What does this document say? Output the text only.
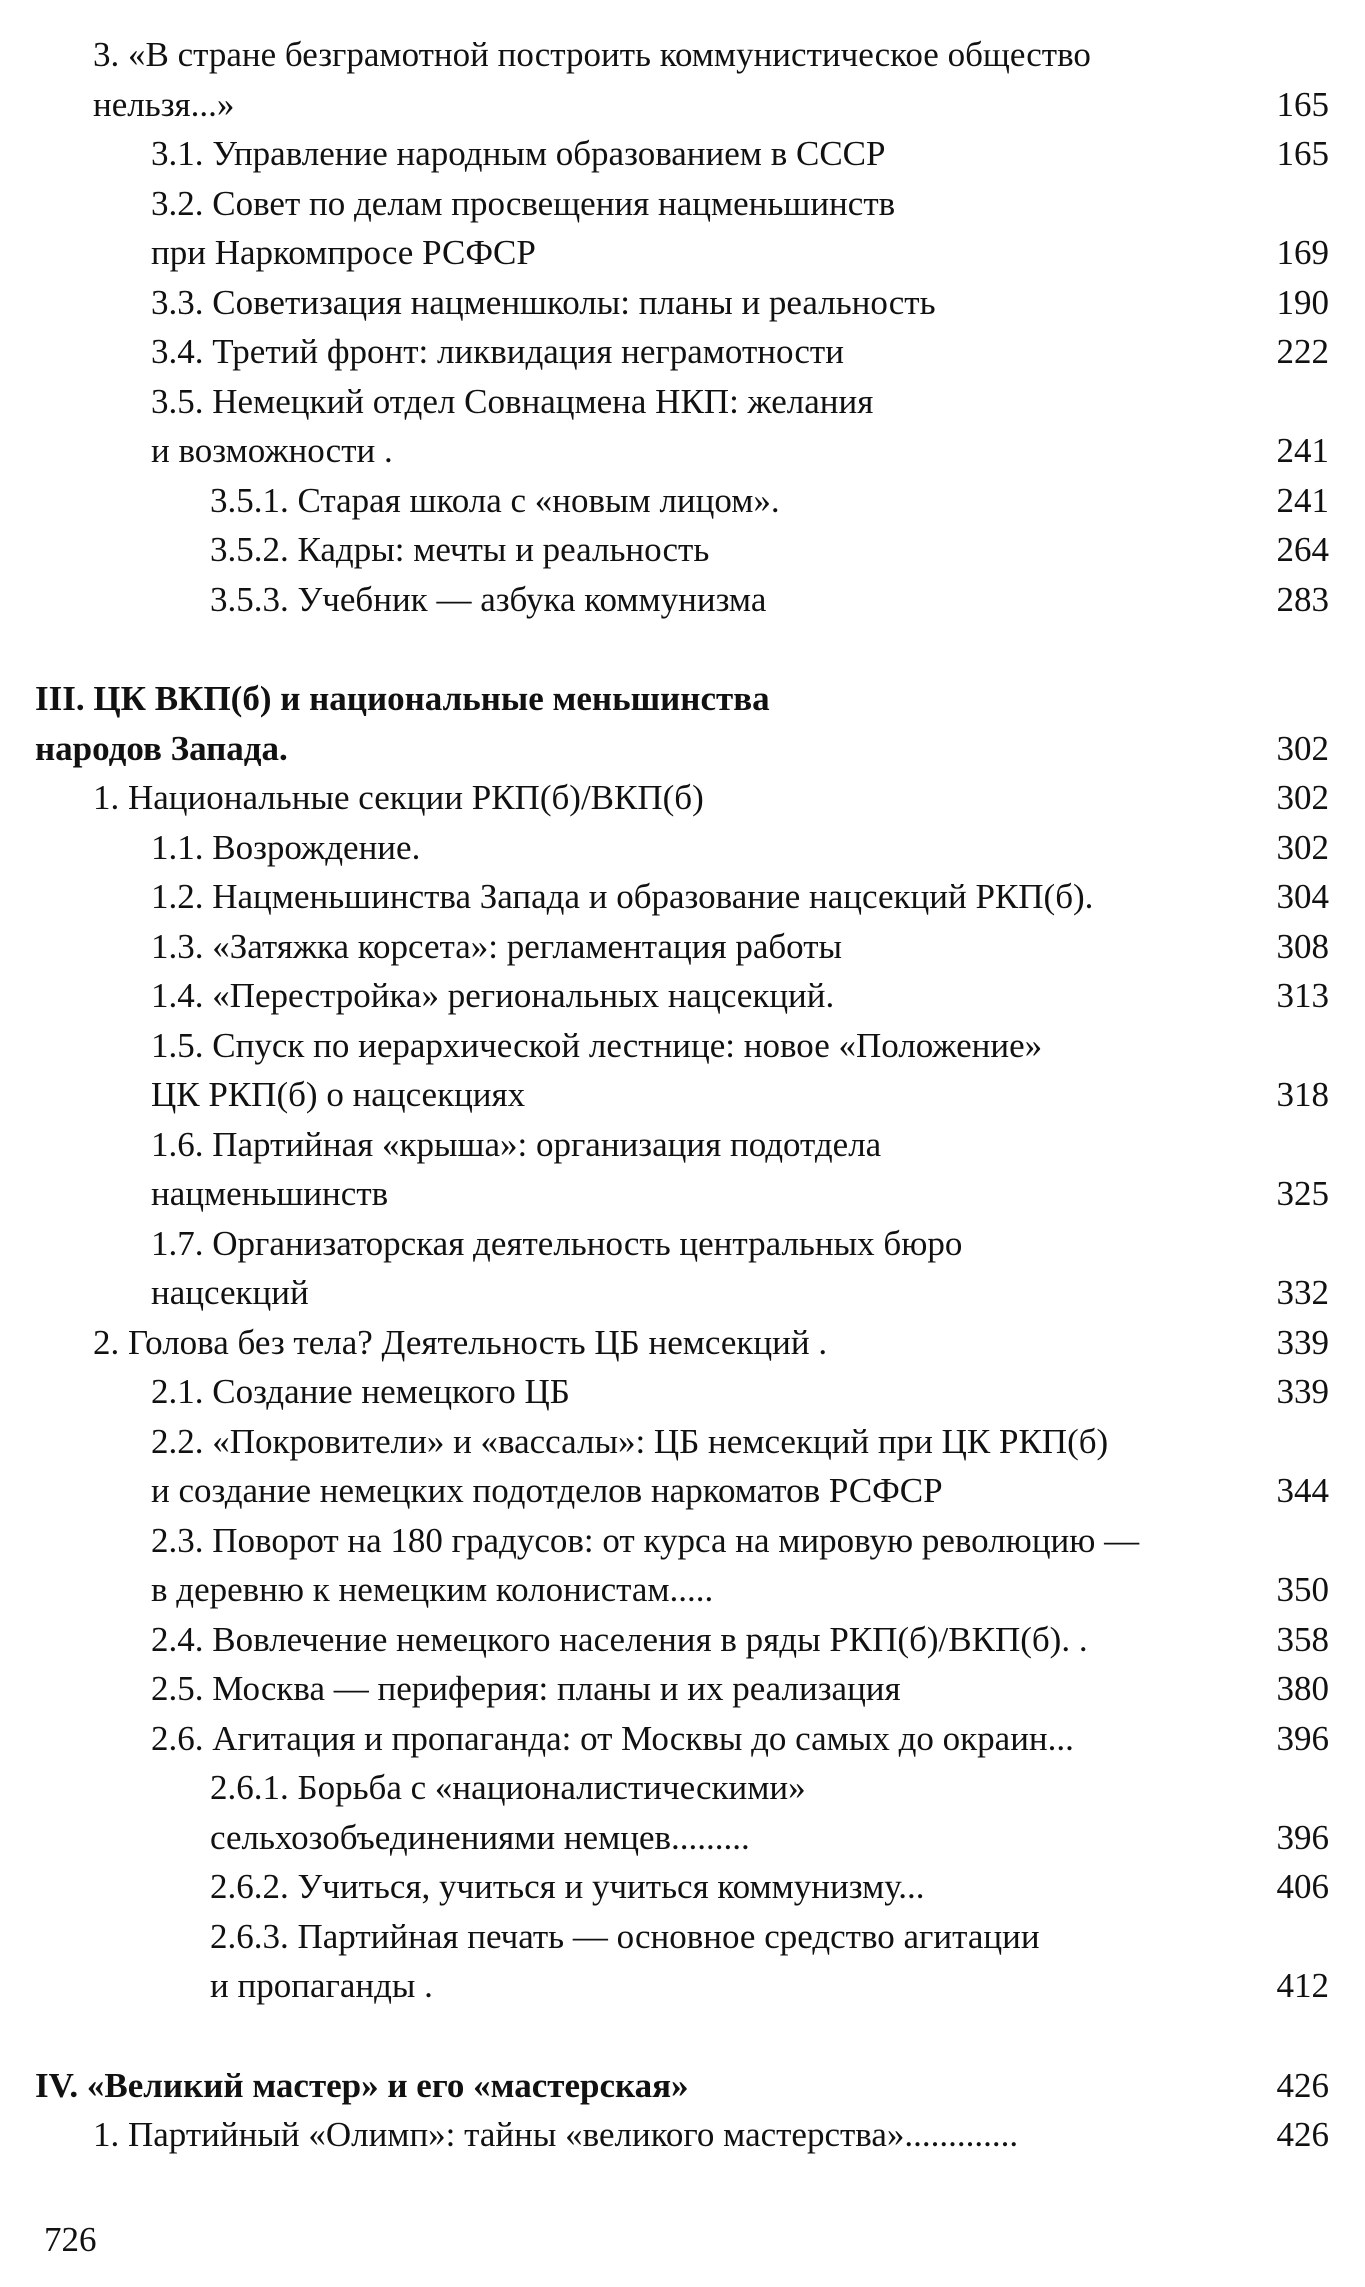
3. «В стране безграмотной построить коммунистическое общество
нельзя...»	165
3.1. Управление народным образованием в СССР	165
3.2. Совет по делам просвещения нацменьшинств
при Наркомпросе РСФСР	169
3.3. Советизация нацменшколы: планы и реальность	190
3.4. Третий фронт: ликвидация неграмотности	222
3.5. Немецкий отдел Совнацмена НКП: желания
и возможности .	241
3.5.1. Старая школа с «новым лицом».	241
3.5.2. Кадры: мечты и реальность	264
3.5.3. Учебник — азбука коммунизма	283
III. ЦК ВКП(б) и национальные меньшинства
народов Запада.	302
1. Национальные секции РКП(б)/ВКП(б)	302
1.1. Возрождение.	302
1.2. Нацменьшинства Запада и образование нацсекций РКП(б).	304
1.3. «Затяжка корсета»: регламентация работы	308
1.4. «Перестройка» региональных нацсекций.	313
1.5. Спуск по иерархической лестнице: новое «Положение»
ЦК РКП(б) о нацсекциях	318
1.6. Партийная «крыша»: организация подотдела
нацменьшинств	325
1.7. Организаторская деятельность центральных бюро
нацсекций	332
2. Голова без тела? Деятельность ЦБ немсекций .	339
2.1. Создание немецкого ЦБ	339
2.2. «Покровители» и «вассалы»: ЦБ немсекций при ЦК РКП(б)
и создание немецких подотделов наркоматов РСФСР	344
2.3. Поворот на 180 градусов: от курса на мировую революцию —
в деревню к немецким колонистам.....	350
2.4. Вовлечение немецкого населения в ряды РКП(б)/ВКП(б). .	358
2.5. Москва — периферия: планы и их реализация	380
2.6. Агитация и пропаганда: от Москвы до самых до окраин...	396
2.6.1. Борьба с «националистическими»
сельхозобъединениями немцев.........	396
2.6.2. Учиться, учиться и учиться коммунизму...	406
2.6.3. Партийная печать — основное средство агитации
и пропаганды .	412
IV. «Великий мастер» и его «мастерская»	426
1. Партийный «Олимп»: тайны «великого мастерства».............	426
726
